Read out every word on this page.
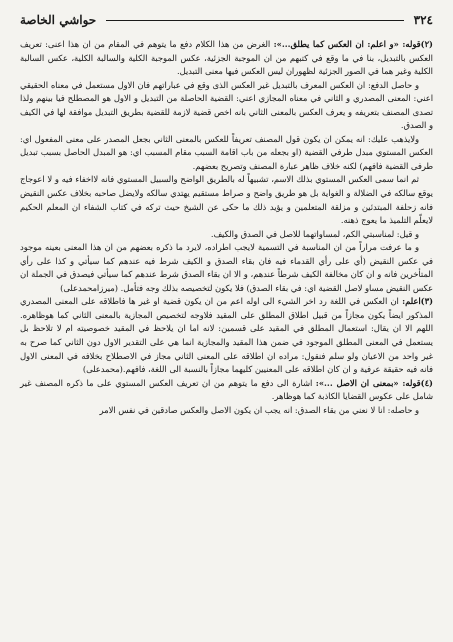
٣٢٤
حواشي الخاصة

(٢)قوله: «و اعلم: ان العكس كما يطلق...»: الغرض من هذا الكلام دفع ما يتوهم في المقام من ان هذا اعنى: تعريف العكس بالتبديل، بنا في ما وقع في كتبهم من ان الموجبة الجزئية، عكس الموجبة الكلية والسالبة الكلية، عكس السالبة الكلية وغير هما في الصور الجزئية لظهوران ليس العكس فيها معنى التبديل.

و حاصل الدفع: ان العكس المعرف بالتبديل غير العكس الذى وقع في عباراتهم فان الاول مستعمل في معناه الحقيقي اعني: المعنى المصدري و الثاني في معناه المجازي اعني: القضية الحاصلة من التبديل و الاول هو المصطلح فيا بينهم ولذا تصدى المصنف بتعريفه و يعرف العكس بالمعنى الثاني بانه اخص قضية لازمة للقضية بطريق التبديل موافقة لها في الكيف و الصدق.

ولايذهب عليك: انه يمكن ان يكون قول المصنف تعريفاً للعكس بالمعنى الثاني بجعل المصدر على معنى المفعول اي: العكس المستوي مبدل طرفي القضية (او بجعله من باب اقامة السبب مقام المسبب اي: هو المبدل الحاصل بسبب تبديل طرفى القضية فافهم) لكنه خلاف ظاهر عبارة المصنف وتصريح بعضهم.

ثم انما سمى العكس المستوي بذلك الاسم، تشبيهاً له بالطريق الواضح والسبيل المستوي فانه لااخفاء فيه و لا اعوجاج يوقع سالكه في الضلالة و الغواية بل هو طريق واضح و صراط مستقيم يهتدي سالكه ولايضل صاحبه بخلاف عكس النقيض فانه زحلفة المبتدئين و مزلقة المتعلمين و يؤيد ذلك ما حكى عن الشيخ حيث تركه في كتاب الشفاء ان المعلم الحكيم لايعلّم التلميذ ما يعوج ذهنه.

و قيل: لمناسبتي الكم، لمساواتهما للاصل في الصدق والكيف.

و ما عرفت مراراً من ان المناسبة في التسمية لايجب اطراده، لايرد ما ذكره بعضهم من ان هذا المعنى بعينه موجود في عكس النقيض (أي على رأي القدماء فيه فان بقاء الصدق و الكيف شرط فيه عندهم كما سيأتي و كذا على رأي المتأخرين فانه و ان كان مخالفة الكيف شرطاً عندهم، و الا ان بقاء الصدق شرط عندهم كما سيأتي فيصدق في الجملة ان عكس النقيض مساو لاصل القضية اي: في بقاء الصدق) فلا يكون لتخصيصه بذلك وجه فتأمل. (ميرزامحمدعلى)

(٣)اعلم: ان العكس في اللغة رد اخر الشيء الى اوله اعم من ان يكون قضية او غير ها فاطلاقه على المعنى المصدري المذكور ايضاً يكون مجازاً من قبيل اطلاق المطلق على المقيد فلاوجه لتخصيص المجازية بالمعنى الثاني كما هوظاهره. اللهم الا ان يقال: استعمال المطلق في المقيد على قسمين: لانه اما ان يلاحظ في المقيد خصوصيته ام لا تلاحظ بل يستعمل في المعنى المطلق الموجود في ضمن هذا المقيد والمجازية انما هي على التقدير الاول دون الثاني كما صرح به غير واحد من الاعيان ولو سلم فنقول: مراده ان اطلاقه على المعنى الثاني مجاز في الاصطلاح بخلافه في المعنى الاول فانه فيه حقيقة عرفية و ان كان اطلاقه على المعنيين كليهما مجازاً بالنسبة الى اللغة، فافهم.(محمدعلى)

(٤)قوله: «بمعنى ان الاصل ...»: اشارة الى دفع ما يتوهم من ان تعريف العكس المستوي على ما ذكره المصنف غير شامل على عكوس القضايا الكاذبة كما هوظاهر.

و حاصله: انا لا نعني من بقاء الصدق: انه يجب ان يكون الاصل والعكس صادقين في نفس الامر
